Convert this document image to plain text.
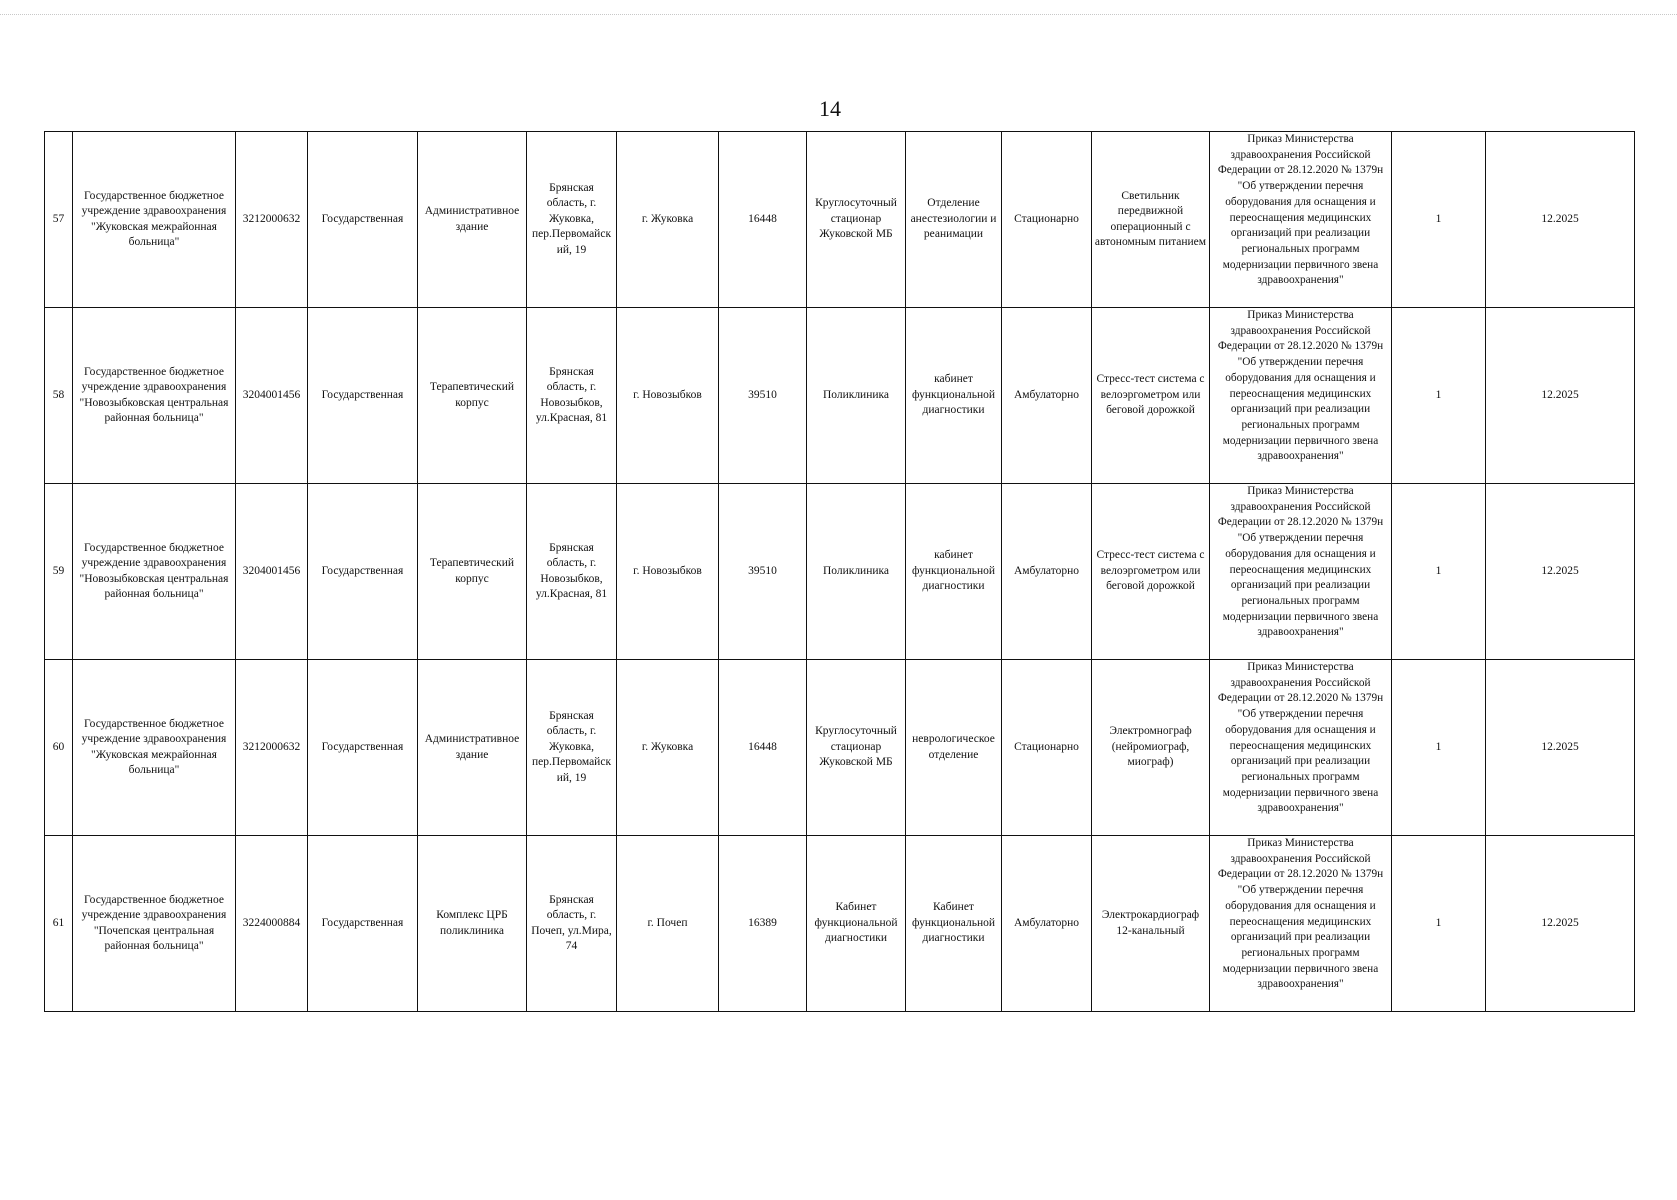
14
57	Государственное бюджетное учреждение здравоохранения "Жуковская межрайонная больница"	3212000632	Государственная	Административное здание	Брянская область, г. Жуковка, пер.Первомайский, 19	г. Жуковка	16448	Круглосуточный стационар Жуковской МБ	Отделение анестезиологии и реанимации	Стационарно	Светильник передвижной операционный с автономным питанием	Приказ Министерства здравоохранения Российской Федерации от 28.12.2020 № 1379н "Об утверждении перечня оборудования для оснащения и переоснащения медицинских организаций при реализации региональных программ модернизации первичного звена здравоохранения"	1	12.2025
58	Государственное бюджетное учреждение здравоохранения "Новозыбковская центральная районная больница"	3204001456	Государственная	Терапевтический корпус	Брянская область, г. Новозыбков, ул.Красная, 81	г. Новозыбков	39510	Поликлиника	кабинет функциональной диагностики	Амбулаторно	Стресс-тест система с велоэргометром или беговой дорожкой	Приказ Министерства здравоохранения Российской Федерации от 28.12.2020 № 1379н "Об утверждении перечня оборудования для оснащения и переоснащения медицинских организаций при реализации региональных программ модернизации первичного звена здравоохранения"	1	12.2025
59	Государственное бюджетное учреждение здравоохранения "Новозыбковская центральная районная больница"	3204001456	Государственная	Терапевтический корпус	Брянская область, г. Новозыбков, ул.Красная, 81	г. Новозыбков	39510	Поликлиника	кабинет функциональной диагностики	Амбулаторно	Стресс-тест система с велоэргометром или беговой дорожкой	Приказ Министерства здравоохранения Российской Федерации от 28.12.2020 № 1379н "Об утверждении перечня оборудования для оснащения и переоснащения медицинских организаций при реализации региональных программ модернизации первичного звена здравоохранения"	1	12.2025
60	Государственное бюджетное учреждение здравоохранения "Жуковская межрайонная больница"	3212000632	Государственная	Административное здание	Брянская область, г. Жуковка, пер.Первомайский, 19	г. Жуковка	16448	Круглосуточный стационар Жуковской МБ	неврологическое отделение	Стационарно	Электромнограф (нейромиограф, миограф)	Приказ Министерства здравоохранения Российской Федерации от 28.12.2020 № 1379н "Об утверждении перечня оборудования для оснащения и переоснащения медицинских организаций при реализации региональных программ модернизации первичного звена здравоохранения"	1	12.2025
61	Государственное бюджетное учреждение здравоохранения "Почепская центральная районная больница"	3224000884	Государственная	Комплекс ЦРБ поликлиника	Брянская область, г. Почеп, ул.Мира, 74	г. Почеп	16389	Кабинет функциональной диагностики	Кабинет функциональной диагностики	Амбулаторно	Электрокардиограф 12-канальный	Приказ Министерства здравоохранения Российской Федерации от 28.12.2020 № 1379н "Об утверждении перечня оборудования для оснащения и переоснащения медицинских организаций при реализации региональных программ модернизации первичного звена здравоохранения"	1	12.2025
